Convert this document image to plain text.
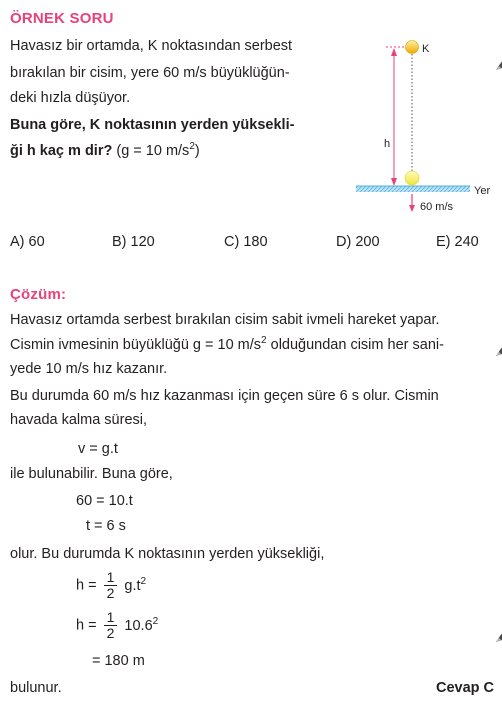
ÖRNEK SORU
Havasız bir ortamda, K noktasından serbest
bırakılan bir cisim, yere 60 m/s büyüklüğün-
deki hızla düşüyor.
Buna göre, K noktasının yerden yüksekli-
ği h kaç m dir? (g = 10 $m/s^2$)
K
h
Yer
60 m/s
A) 60	B) 120	C) 180	D) 200	E) 240
Çözüm:
Havasız ortamda serbest bırakılan cisim sabit ivmeli hareket yapar.
Cismin ivmesinin büyüklüğü g = 10 $m/s^2$ olduğundan cisim her sani-
yede 10 m/s hız kazanır.
Bu durumda 60 m/s hız kazanması için geçen süre 6 s olur. Cismin
havada kalma süresi,
v = g.t
ile bulunabilir. Buna göre,
60 = 10.t
t = 6 s
olur. Bu durumda K noktasının yerden yüksekliği,
$h = \frac{1}{2} g.t^2$
$h = \frac{1}{2} 10.6^2$
= 180 m
bulunur.	Cevap C
